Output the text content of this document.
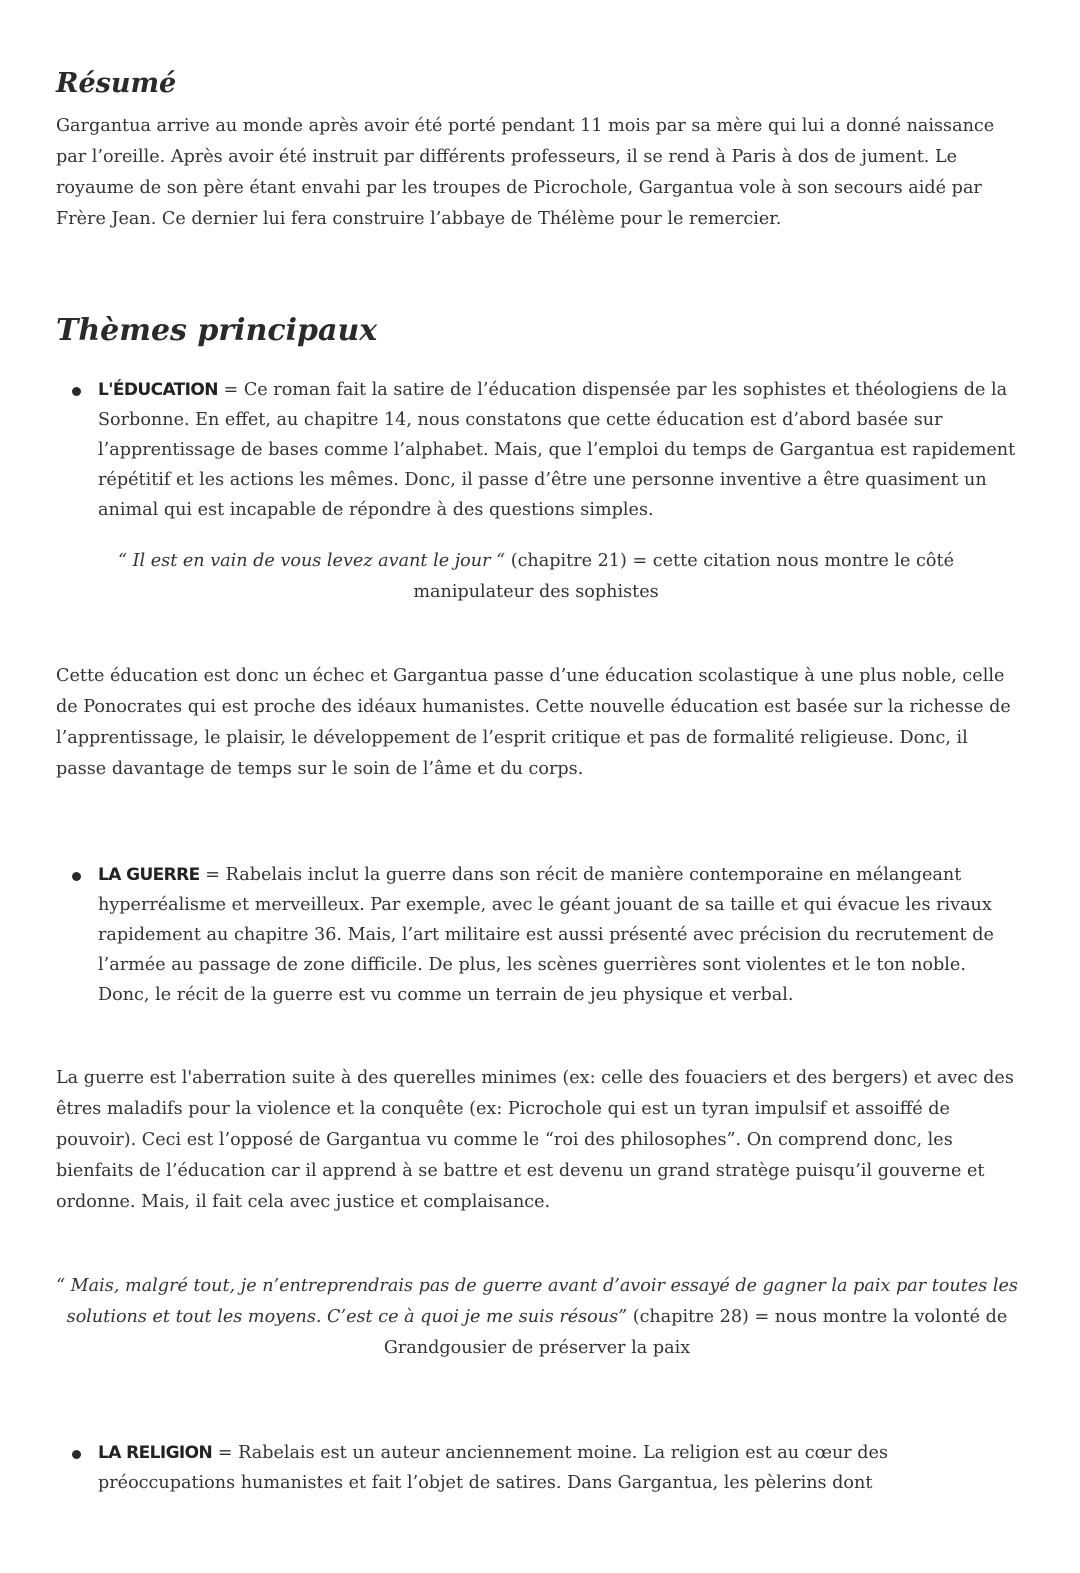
Résumé

Gargantua arrive au monde après avoir été porté pendant 11 mois par sa mère qui lui a donné naissance par l’oreille. Après avoir été instruit par différents professeurs, il se rend à Paris à dos de jument. Le royaume de son père étant envahi par les troupes de Picrochole, Gargantua vole à son secours aidé par Frère Jean. Ce dernier lui fera construire l’abbaye de Thélème pour le remercier.

Thèmes principaux

L'ÉDUCATION = Ce roman fait la satire de l’éducation dispensée par les sophistes et théologiens de la Sorbonne. En effet, au chapitre 14, nous constatons que cette éducation est d’abord basée sur l’apprentissage de bases comme l’alphabet. Mais, que l’emploi du temps de Gargantua est rapidement répétitif et les actions les mêmes. Donc, il passe d’être une personne inventive a être quasiment un animal qui est incapable de répondre à des questions simples.

“ Il est en vain de vous levez avant le jour “ (chapitre 21) = cette citation nous montre le côté manipulateur des sophistes

Cette éducation est donc un échec et Gargantua passe d’une éducation scolastique à une plus noble, celle de Ponocrates qui est proche des idéaux humanistes. Cette nouvelle éducation est basée sur la richesse de l’apprentissage, le plaisir, le développement de l’esprit critique et pas de formalité religieuse. Donc, il passe davantage de temps sur le soin de l’âme et du corps.

LA GUERRE = Rabelais inclut la guerre dans son récit de manière contemporaine en mélangeant hyperréalisme et merveilleux. Par exemple, avec le géant jouant de sa taille et qui évacue les rivaux rapidement au chapitre 36. Mais, l’art militaire est aussi présenté avec précision du recrutement de l’armée au passage de zone difficile. De plus, les scènes guerrières sont violentes et le ton noble. Donc, le récit de la guerre est vu comme un terrain de jeu physique et verbal.

La guerre est l'aberration suite à des querelles minimes (ex: celle des fouaciers et des bergers) et avec des êtres maladifs pour la violence et la conquête (ex: Picrochole qui est un tyran impulsif et assoiffé de pouvoir). Ceci est l’opposé de Gargantua vu comme le “roi des philosophes”. On comprend donc, les bienfaits de l’éducation car il apprend à se battre et est devenu un grand stratège puisqu’il gouverne et ordonne. Mais, il fait cela avec justice et complaisance.

“ Mais, malgré tout, je n’entreprendrais pas de guerre avant d’avoir essayé de gagner la paix par toutes les solutions et tout les moyens. C’est ce à quoi je me suis résous” (chapitre 28) = nous montre la volonté de Grandgousier de préserver la paix

LA RELIGION = Rabelais est un auteur anciennement moine. La religion est au cœur des préoccupations humanistes et fait l’objet de satires. Dans Gargantua, les pèlerins dont
